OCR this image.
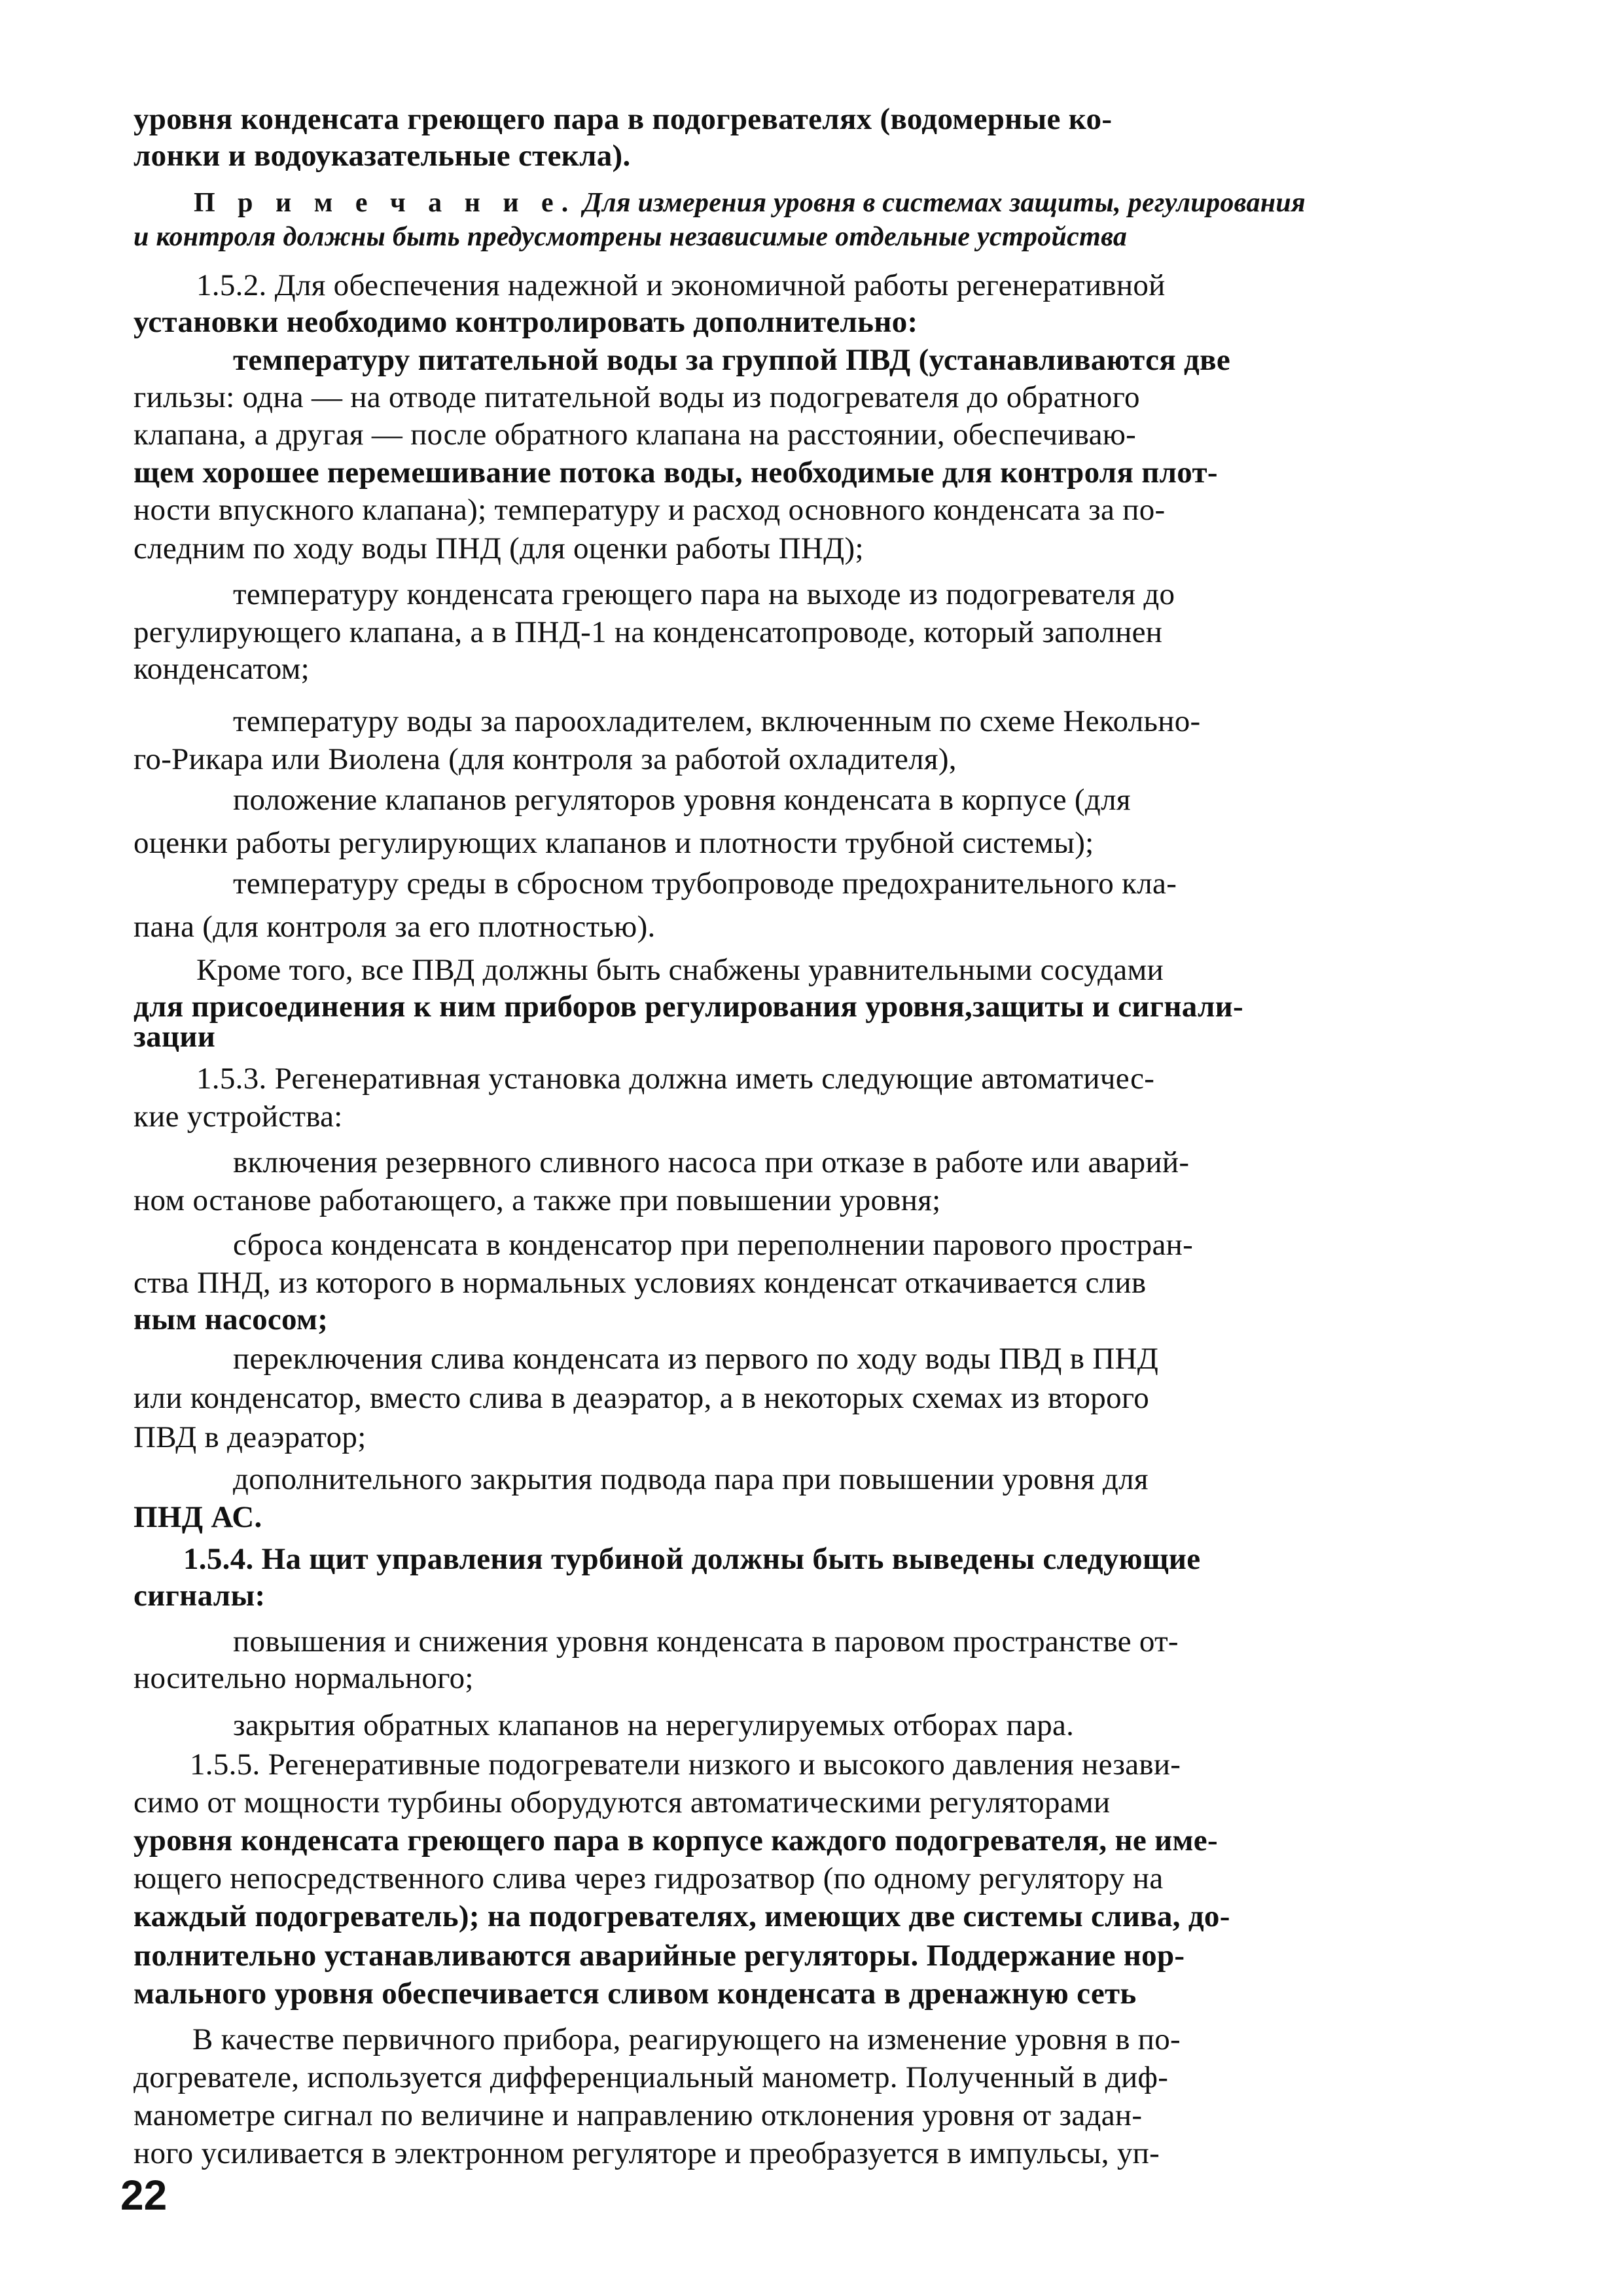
уровня конденсата греющего пара в подогревателях (водомерные ко-
лонки и водоуказательные стекла).
П р и м е ч а н и е. Для измерения уровня в системах защиты, регулирования
и контроля должны быть предусмотрены независимые отдельные устройства
1.5.2. Для обеспечения надежной и экономичной работы регенеративной
установки необходимо контролировать дополнительно:
температуру питательной воды за группой ПВД (устанавливаются две
гильзы: одна — на отводе питательной воды из подогревателя до обратного
клапана, а другая — после обратного клапана на расстоянии, обеспечиваю-
щем хорошее перемешивание потока воды, необходимые для контроля плот-
ности впускного клапана); температуру и расход основного конденсата за по-
следним по ходу воды ПНД (для оценки работы ПНД);
температуру конденсата греющего пара на выходе из подогревателя до
регулирующего клапана, а в ПНД-1 на конденсатопроводе, который заполнен
конденсатом;
температуру воды за пароохладителем, включенным по схеме Некольно-
го-Рикара или Виолена (для контроля за работой охладителя),
положение клапанов регуляторов уровня конденсата в корпусе (для
оценки работы регулирующих клапанов и плотности трубной системы);
температуру среды в сбросном трубопроводе предохранительного кла-
пана (для контроля за его плотностью).
Кроме того, все ПВД должны быть снабжены уравнительными сосудами
для присоединения к ним приборов регулирования уровня,защиты и сигнали-
зации
1.5.3. Регенеративная установка должна иметь следующие автоматичес-
кие устройства:
включения резервного сливного насоса при отказе в работе или аварий-
ном останове работающего, а также при повышении уровня;
сброса конденсата в конденсатор при переполнении парового простран-
ства ПНД, из которого в нормальных условиях конденсат откачивается слив
ным насосом;
переключения слива конденсата из первого по ходу воды ПВД в ПНД
или конденсатор, вместо слива в деаэратор, а в некоторых схемах из второго
ПВД в деаэратор;
дополнительного закрытия подвода пара при повышении уровня для
ПНД АС.
1.5.4. На щит управления турбиной должны быть выведены следующие
сигналы:
повышения и снижения уровня конденсата в паровом пространстве от-
носительно нормального;
закрытия обратных клапанов на нерегулируемых отборах пара.
1.5.5. Регенеративные подогреватели низкого и высокого давления незави-
симо от мощности турбины оборудуются автоматическими регуляторами
уровня конденсата греющего пара в корпусе каждого подогревателя, не име-
ющего непосредственного слива через гидрозатвор (по одному регулятору на
каждый подогреватель); на подогревателях, имеющих две системы слива, до-
полнительно устанавливаются аварийные регуляторы. Поддержание нор-
мального уровня обеспечивается сливом конденсата в дренажную сеть
В качестве первичного прибора, реагирующего на изменение уровня в по-
догревателе, используется дифференциальный манометр. Полученный в диф-
манометре сигнал по величине и направлению отклонения уровня от задан-
ного усиливается в электронном регуляторе и преобразуется в импульсы, уп-
22
